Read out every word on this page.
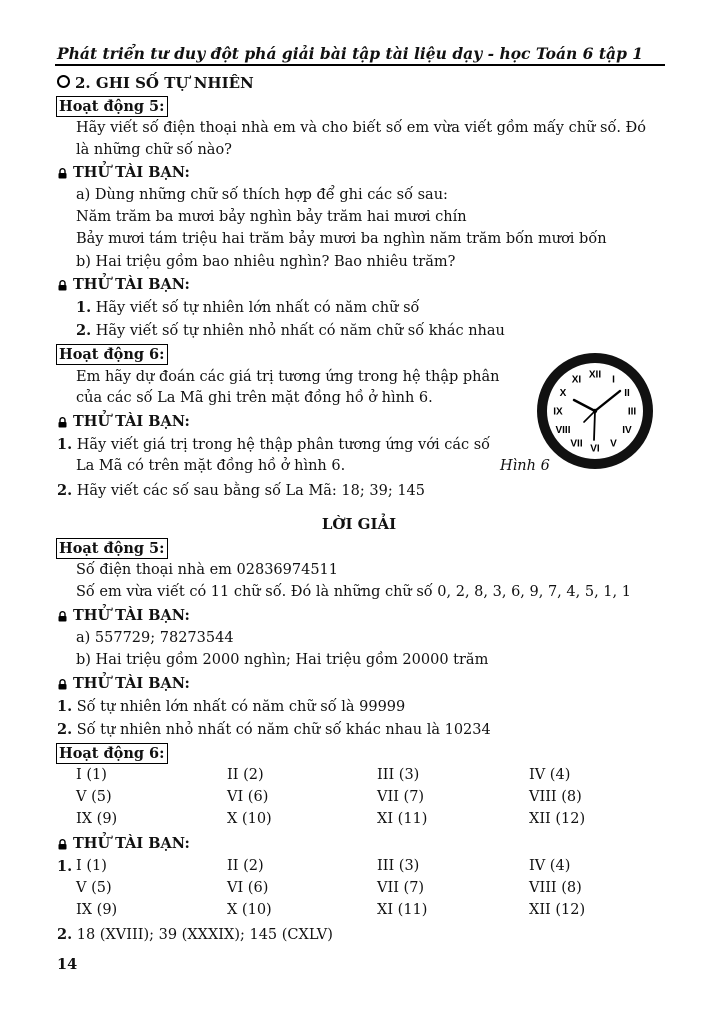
Phát triển tư duy đột phá giải bài tập tài liệu dạy - học Toán 6 tập 1
2. GHI SỐ TỰ NHIÊN
Hoạt động 5:
Hãy viết số điện thoại nhà em và cho biết số em vừa viết gồm mấy chữ số. Đó
là những chữ số nào?
THỬ TÀI BẠN:
a) Dùng những chữ số thích hợp để ghi các số sau:
Năm trăm ba mươi bảy nghìn bảy trăm hai mươi chín
Bảy mươi tám triệu hai trăm bảy mươi ba nghìn năm trăm bốn mươi bốn
b) Hai triệu gồm bao nhiêu nghìn? Bao nhiêu trăm?
THỬ TÀI BẠN:
1. Hãy viết số tự nhiên lớn nhất có năm chữ số
2. Hãy viết số tự nhiên nhỏ nhất có năm chữ số khác nhau
Hoạt động 6:
Em hãy dự đoán các giá trị tương ứng trong hệ thập phân
của các số La Mã ghi trên mặt đồng hồ ở hình 6.
XII I
II
III
IV
V
VI
VII
VIII
IX
X
XI
THỬ TÀI BẠN:
1. Hãy viết giá trị trong hệ thập phân tương ứng với các số
La Mã có trên mặt đồng hồ ở hình 6.	Hình 6
2. Hãy viết các số sau bằng số La Mã: 18; 39; 145
LỜI GIẢI
Hoạt động 5:
Số điện thoại nhà em 02836974511
Số em vừa viết có 11 chữ số. Đó là những chữ số 0, 2, 8, 3, 6, 9, 7, 4, 5, 1, 1
THỬ TÀI BẠN:
a) 557729; 78273544
b) Hai triệu gồm 2000 nghìn; Hai triệu gồm 20000 trăm
THỬ TÀI BẠN:
1. Số tự nhiên lớn nhất có năm chữ số là 99999
2. Số tự nhiên nhỏ nhất có năm chữ số khác nhau là 10234
Hoạt động 6:
I (1)	II (2)	III (3)	IV (4)
V (5)	VI (6)	VII (7)	VIII (8)
IX (9)	X (10)	XI (11)	XII (12)
THỬ TÀI BẠN:
1. I (1)	II (2)	III (3)	IV (4)
V (5)	VI (6)	VII (7)	VIII (8)
IX (9)	X (10)	XI (11)	XII (12)
2. 18 (XVIII); 39 (XXXIX); 145 (CXLV)
14
